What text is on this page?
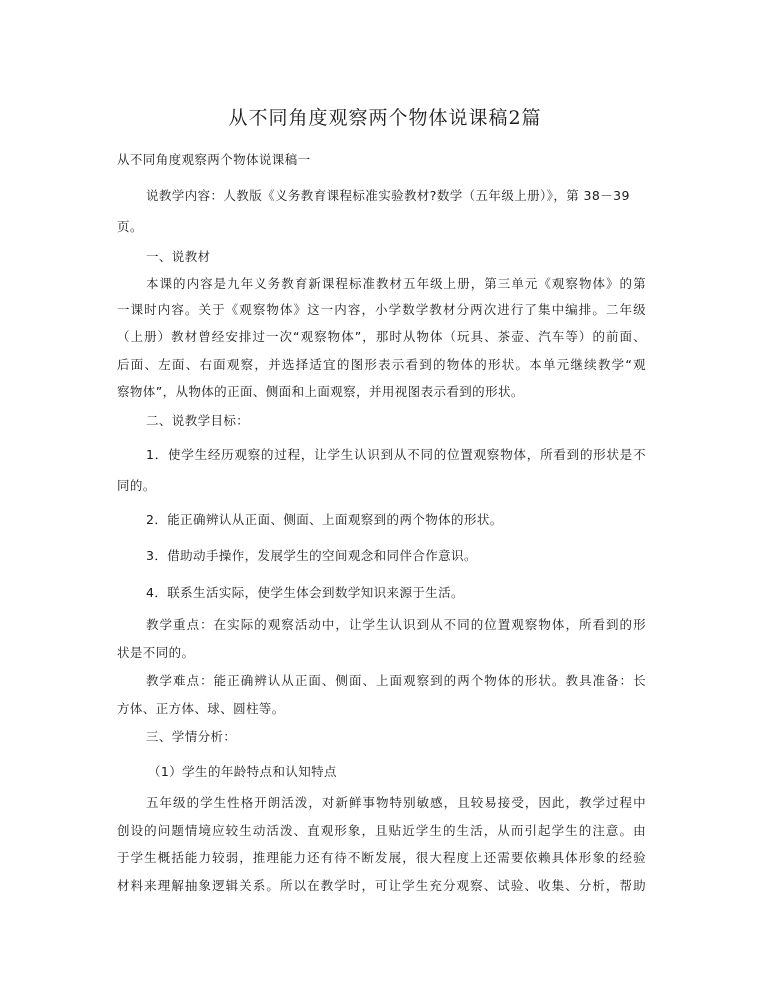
从不同角度观察两个物体说课稿2篇
从不同角度观察两个物体说课稿一
说教学内容：人教版《义务教育课程标准实验教材?数学（五年级上册）》，第 38－39
页。
一、说教材
本课的内容是九年义务教育新课程标准教材五年级上册，第三单元《观察物体》的第
一课时内容。关于《观察物体》这一内容，小学数学教材分两次进行了集中编排。二年级
（上册）教材曾经安排过一次“观察物体”，那时从物体（玩具、茶壶、汽车等）的前面、
后面、左面、右面观察，并选择适宜的图形表示看到的物体的形状。本单元继续教学“观
察物体”，从物体的正面、侧面和上面观察，并用视图表示看到的形状。
二、说教学目标：
1．使学生经历观察的过程，让学生认识到从不同的位置观察物体，所看到的形状是不
同的。
2．能正确辨认从正面、侧面、上面观察到的两个物体的形状。
3．借助动手操作，发展学生的空间观念和同伴合作意识。
4．联系生活实际，使学生体会到数学知识来源于生活。
教学重点：在实际的观察活动中，让学生认识到从不同的位置观察物体，所看到的形
状是不同的。
教学难点：能正确辨认从正面、侧面、上面观察到的两个物体的形状。教具准备：长
方体、正方体、球、圆柱等。
三、学情分析：
（1）学生的年龄特点和认知特点
五年级的学生性格开朗活泼，对新鲜事物特别敏感，且较易接受，因此，教学过程中
创设的问题情境应较生动活泼、直观形象，且贴近学生的生活，从而引起学生的注意。由
于学生概括能力较弱，推理能力还有待不断发展，很大程度上还需要依赖具体形象的经验
材料来理解抽象逻辑关系。所以在教学时，可让学生充分观察、试验、收集、分析，帮助
